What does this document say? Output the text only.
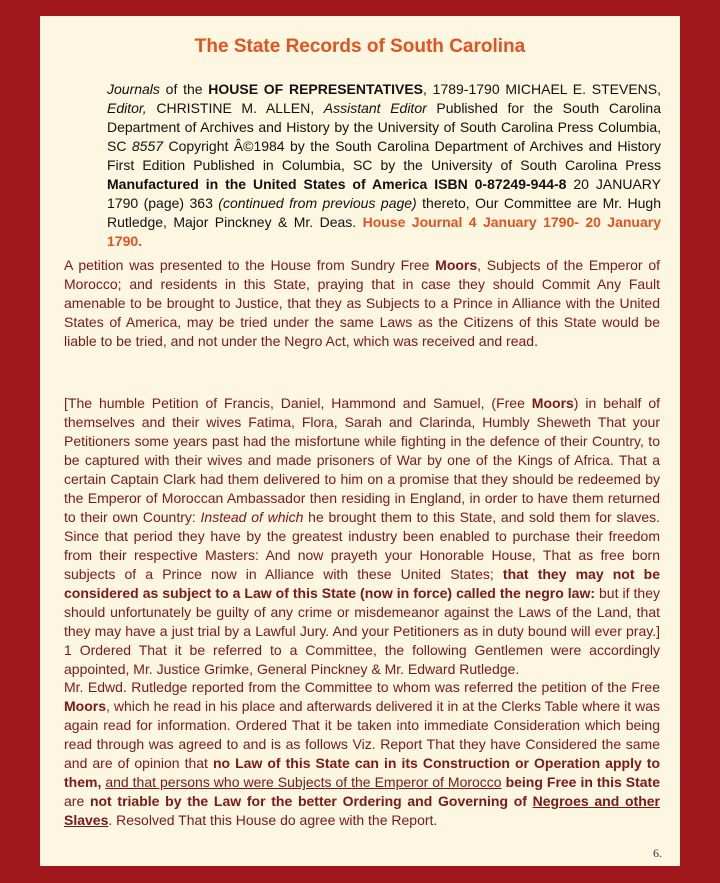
The State Records of South Carolina

Journals of the HOUSE OF REPRESENTATIVES, 1789-1790 MICHAEL E. STEVENS, Editor, CHRISTINE M. ALLEN, Assistant Editor Published for the South Carolina Department of Archives and History by the University of South Carolina Press Columbia, SC 8557 Copyright Â©1984 by the South Carolina Department of Archives and History First Edition Published in Columbia, SC by the University of South Carolina Press Manufactured in the United States of America ISBN 0-87249-944-8 20 JANUARY 1790 (page) 363 (continued from previous page) thereto, Our Committee are Mr. Hugh Rutledge, Major Pinckney & Mr. Deas. House Journal 4 January 1790- 20 January 1790.

A petition was presented to the House from Sundry Free Moors, Subjects of the Emperor of Morocco; and residents in this State, praying that in case they should Commit Any Fault amenable to be brought to Justice, that they as Subjects to a Prince in Alliance with the United States of America, may be tried under the same Laws as the Citizens of this State would be liable to be tried, and not under the Negro Act, which was received and read.

[The humble Petition of Francis, Daniel, Hammond and Samuel, (Free Moors) in behalf of themselves and their wives Fatima, Flora, Sarah and Clarinda, Humbly Sheweth That your Petitioners some years past had the misfortune while fighting in the defence of their Country, to be captured with their wives and made prisoners of War by one of the Kings of Africa. That a certain Captain Clark had them delivered to him on a promise that they should be redeemed by the Emperor of Moroccan Ambassador then residing in England, in order to have them returned to their own Country: Instead of which he brought them to this State, and sold them for slaves. Since that period they have by the greatest industry been enabled to purchase their freedom from their respective Masters: And now prayeth your Honorable House, That as free born subjects of a Prince now in Alliance with these United States; that they may not be considered as subject to a Law of this State (now in force) called the negro law: but if they should unfortunately be guilty of any crime or misdemeanor against the Laws of the Land, that they may have a just trial by a Lawful Jury. And your Petitioners as in duty bound will ever pray.] 1 Ordered That it be referred to a Committee, the following Gentlemen were accordingly appointed, Mr. Justice Grimke, General Pinckney & Mr. Edward Rutledge.

Mr. Edwd. Rutledge reported from the Committee to whom was referred the petition of the Free Moors, which he read in his place and afterwards delivered it in at the Clerks Table where it was again read for information. Ordered That it be taken into immediate Consideration which being read through was agreed to and is as follows Viz. Report That they have Considered the same and are of opinion that no Law of this State can in its Construction or Operation apply to them, and that persons who were Subjects of the Emperor of Morocco being Free in this State are not triable by the Law for the better Ordering and Governing of Negroes and other Slaves. Resolved That this House do agree with the Report.

6.
